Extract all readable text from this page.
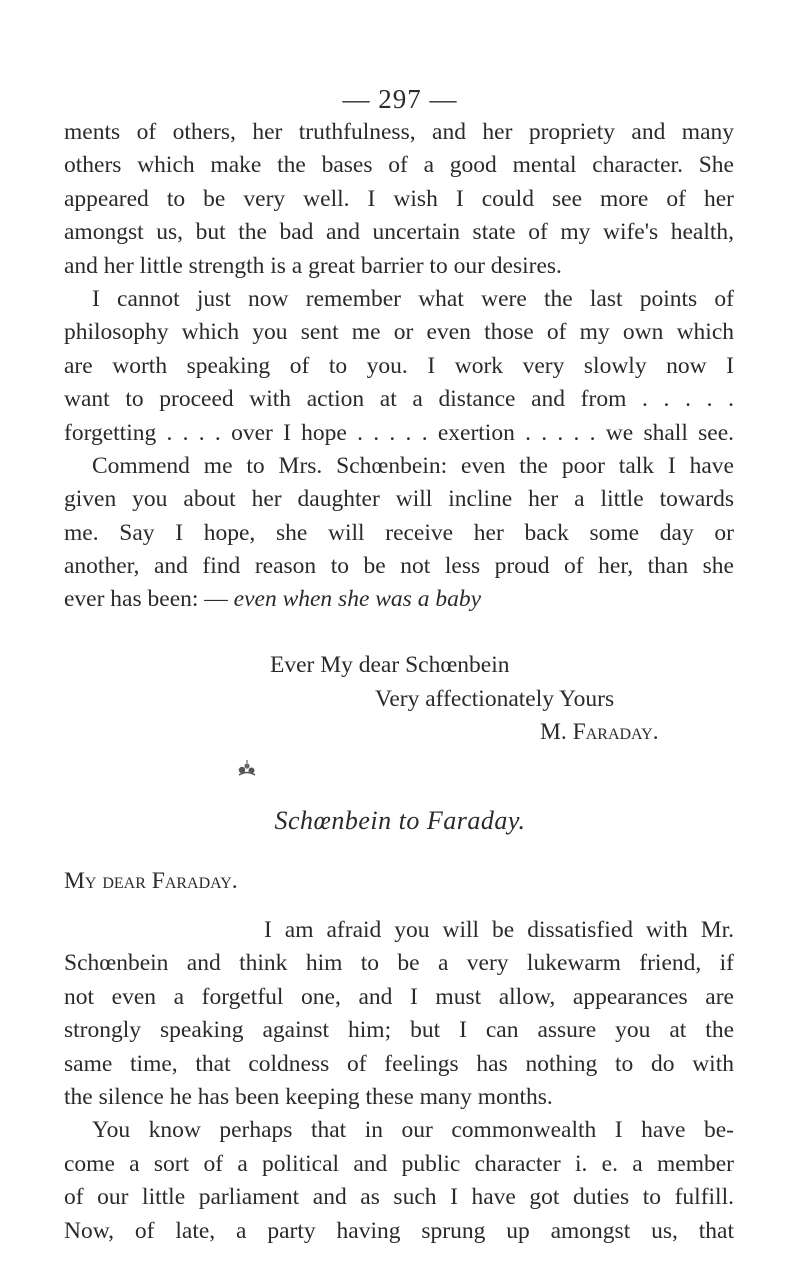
— 297 —
ments of others, her truthfulness, and her propriety and many
others which make the bases of a good mental character. She
appeared to be very well. I wish I could see more of her
amongst us, but the bad and uncertain state of my wife's health,
and her little strength is a great barrier to our desires.
I cannot just now remember what were the last points of
philosophy which you sent me or even those of my own which
are worth speaking of to you. I work very slowly now I
want to proceed with action at a distance and from . . . . .
forgetting . . . . over I hope . . . . . exertion . . . . . we shall see.
Commend me to Mrs. Schœnbein: even the poor talk I have
given you about her daughter will incline her a little towards
me. Say I hope, she will receive her back some day or
another, and find reason to be not less proud of her, than she
ever has been: — even when she was a baby
Ever My dear Schœnbein
Very affectionately Yours
M. Faraday.
Schœnbein to Faraday.
My dear Faraday.
I am afraid you will be dissatisfied with Mr.
Schœnbein and think him to be a very lukewarm friend, if
not even a forgetful one, and I must allow, appearances are
strongly speaking against him; but I can assure you at the
same time, that coldness of feelings has nothing to do with
the silence he has been keeping these many months.
You know perhaps that in our commonwealth I have be-
come a sort of a political and public character i. e. a member
of our little parliament and as such I have got duties to fulfill.
Now, of late, a party having sprung up amongst us, that
